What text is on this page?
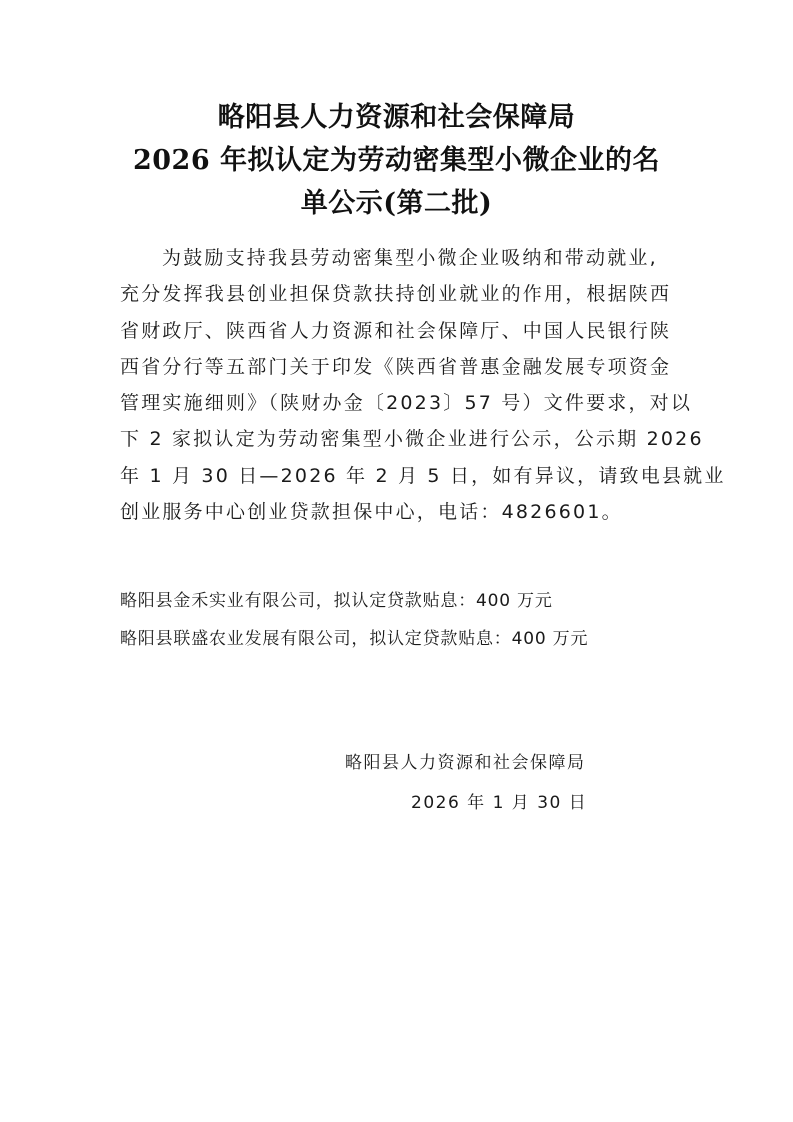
略阳县人力资源和社会保障局
2026 年拟认定为劳动密集型小微企业的名
单公示(第二批)
为鼓励支持我县劳动密集型小微企业吸纳和带动就业,
充分发挥我县创业担保贷款扶持创业就业的作用，根据陕西
省财政厅、陕西省人力资源和社会保障厅、中国人民银行陕
西省分行等五部门关于印发《陕西省普惠金融发展专项资金
管理实施细则》（陕财办金〔2023〕57 号）文件要求，对以
下 2 家拟认定为劳动密集型小微企业进行公示，公示期 2026
年 1 月 30 日—2026 年 2 月 5 日，如有异议，请致电县就业
创业服务中心创业贷款担保中心，电话：4826601。
略阳县金禾实业有限公司，拟认定贷款贴息：400 万元
略阳县联盛农业发展有限公司，拟认定贷款贴息：400 万元
略阳县人力资源和社会保障局
2026 年 1 月 30 日
